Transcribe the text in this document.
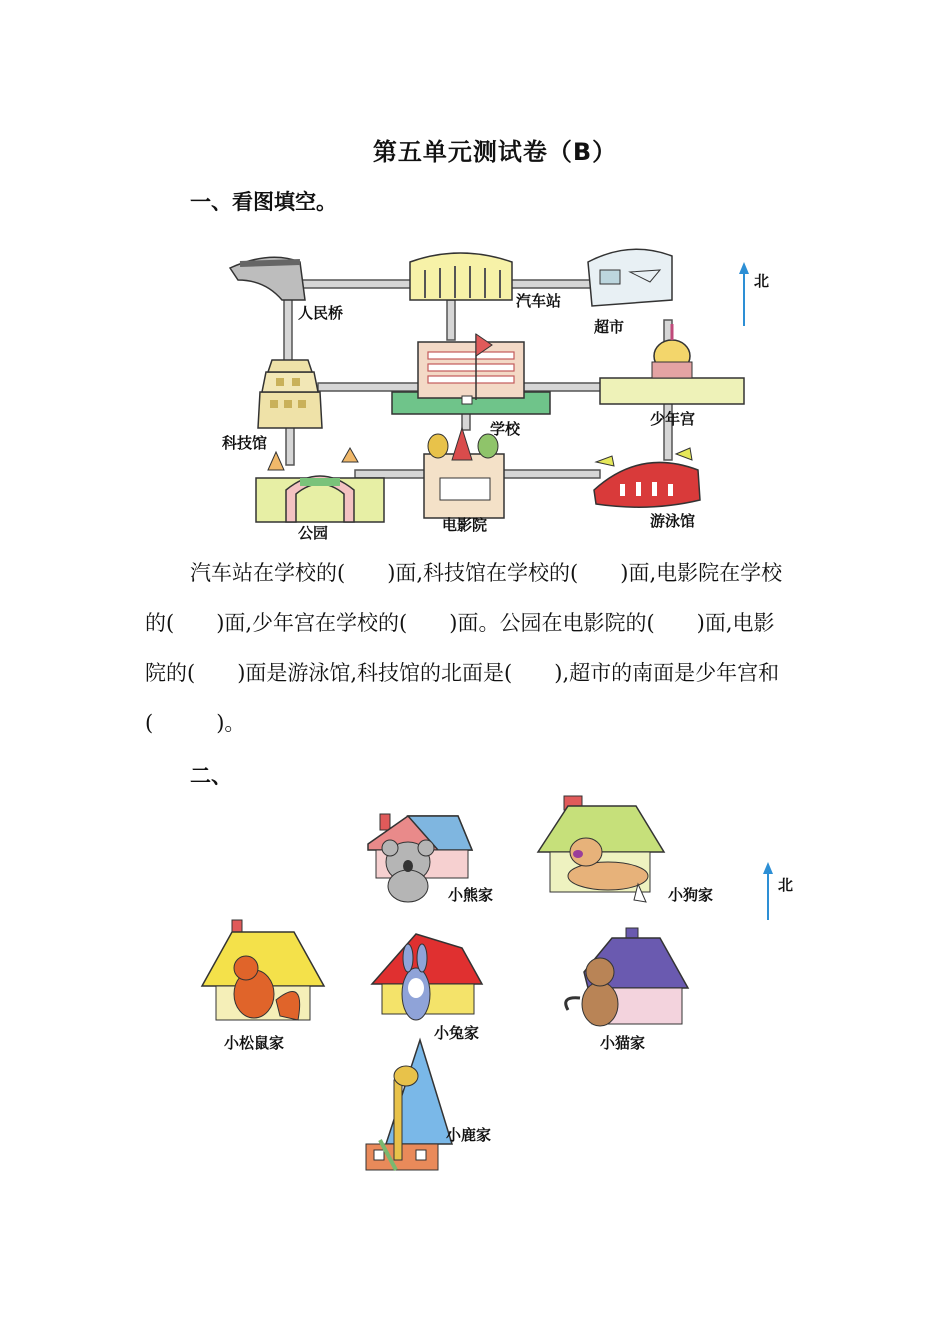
第五单元测试卷（B）
一、看图填空。
人民桥
汽车站
超市
学校
少年宫
科技馆
公园	电影院	游泳馆
北
汽车站在学校的(　　)面,科技馆在学校的(　　)面,电影院在学校
的(　　)面,少年宫在学校的(　　)面。公园在电影院的(　　)面,电影
院的(　　)面是游泳馆,科技馆的北面是(　　),超市的南面是少年宫和
(　　　)。
二、
小熊家	小狗家
小松鼠家
小兔家
小猫家
小鹿家
北
